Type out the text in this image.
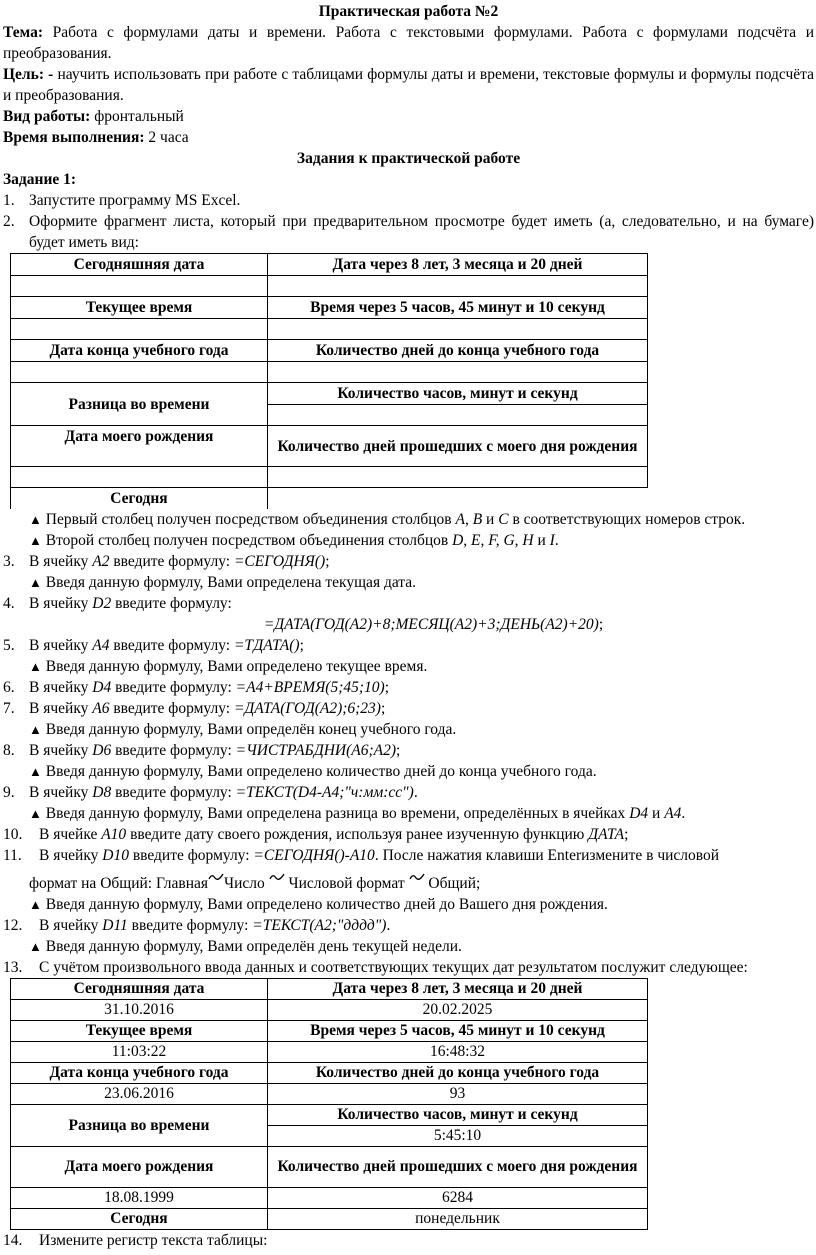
Практическая работа №2

Тема: Работа с формулами даты и времени. Работа с текстовыми формулами. Работа с формулами подсчёта и преобразования.

Цель: - научить использовать при работе с таблицами формулы даты и времени, текстовые формулы и формулы подсчёта и преобразования.

Вид работы: фронтальный

Время выполнения: 2 часа

Задания к практической работе

Задание 1:

1. Запустите программу MS Excel.
2. Оформите фрагмент листа, который при предварительном просмотре будет иметь (а, следовательно, и на бумаге) будет иметь вид:
Сегодняшняя дата	Дата через 8 лет, 3 месяца и 20 дней

Текущее время	Время через 5 часов, 45 минут и 10 секунд

Дата конца учебного года	Количество дней до конца учебного года

Разница во времени	Количество часов, минут и секунд

Дата моего рождения	Количество дней прошедших с моего дня рождения

Сегодня	

▲ Первый столбец получен посредством объединения столбцов A, B и C в соответствующих номеров строк.

▲ Второй столбец получен посредством объединения столбцов D, E, F, G, H и I.

3. В ячейку A2 введите формулу: =СЕГОДНЯ();

▲ Введя данную формулу, Вами определена текущая дата.

4. В ячейку D2 введите формулу:

=ДАТА(ГОД(A2)+8;МЕСЯЦ(A2)+3;ДЕНЬ(A2)+20);

5. В ячейку A4 введите формулу: =ТДАТА();

▲ Введя данную формулу, Вами определено текущее время.

6. В ячейку D4 введите формулу: =A4+ВРЕМЯ(5;45;10);
7. В ячейку A6 введите формулу: =ДАТА(ГОД(A2);6;23);

▲ Введя данную формулу, Вами определён конец учебного года.

8. В ячейку D6 введите формулу: =ЧИСТРАБДНИ(A6;A2);

▲ Введя данную формулу, Вами определено количество дней до конца учебного года.

9. В ячейку D8 введите формулу: =ТЕКСТ(D4-A4;"ч:мм:сс").

▲ Введя данную формулу, Вами определена разница во времени, определённых в ячейках D4 и A4.

10.	В ячейке A10 введите дату своего рождения, используя ранее изученную функцию ДАТА;
11.	В ячейку D10 введите формулу: =СЕГОДНЯ()-A10. После нажатия клавиши Enterизмените в числовой

формат на Общий: Главная Число Числовой формат Общий;

▲ Введя данную формулу, Вами определено количество дней до Вашего дня рождения.

12.	В ячейку D11 введите формулу: =ТЕКСТ(A2;"дддд").

▲ Введя данную формулу, Вами определён день текущей недели.

13.	С учётом произвольного ввода данных и соответствующих текущих дат результатом послужит следующее:
Сегодняшняя дата	Дата через 8 лет, 3 месяца и 20 дней
31.10.2016	20.02.2025
Текущее время	Время через 5 часов, 45 минут и 10 секунд
11:03:22	16:48:32
Дата конца учебного года	Количество дней до конца учебного года
23.06.2016	93
Разница во времени	Количество часов, минут и секунд
	5:45:10
Дата моего рождения	Количество дней прошедших с моего дня рождения
18.08.1999	6284
Сегодня	понедельник
14.	Измените регистр текста таблицы:
